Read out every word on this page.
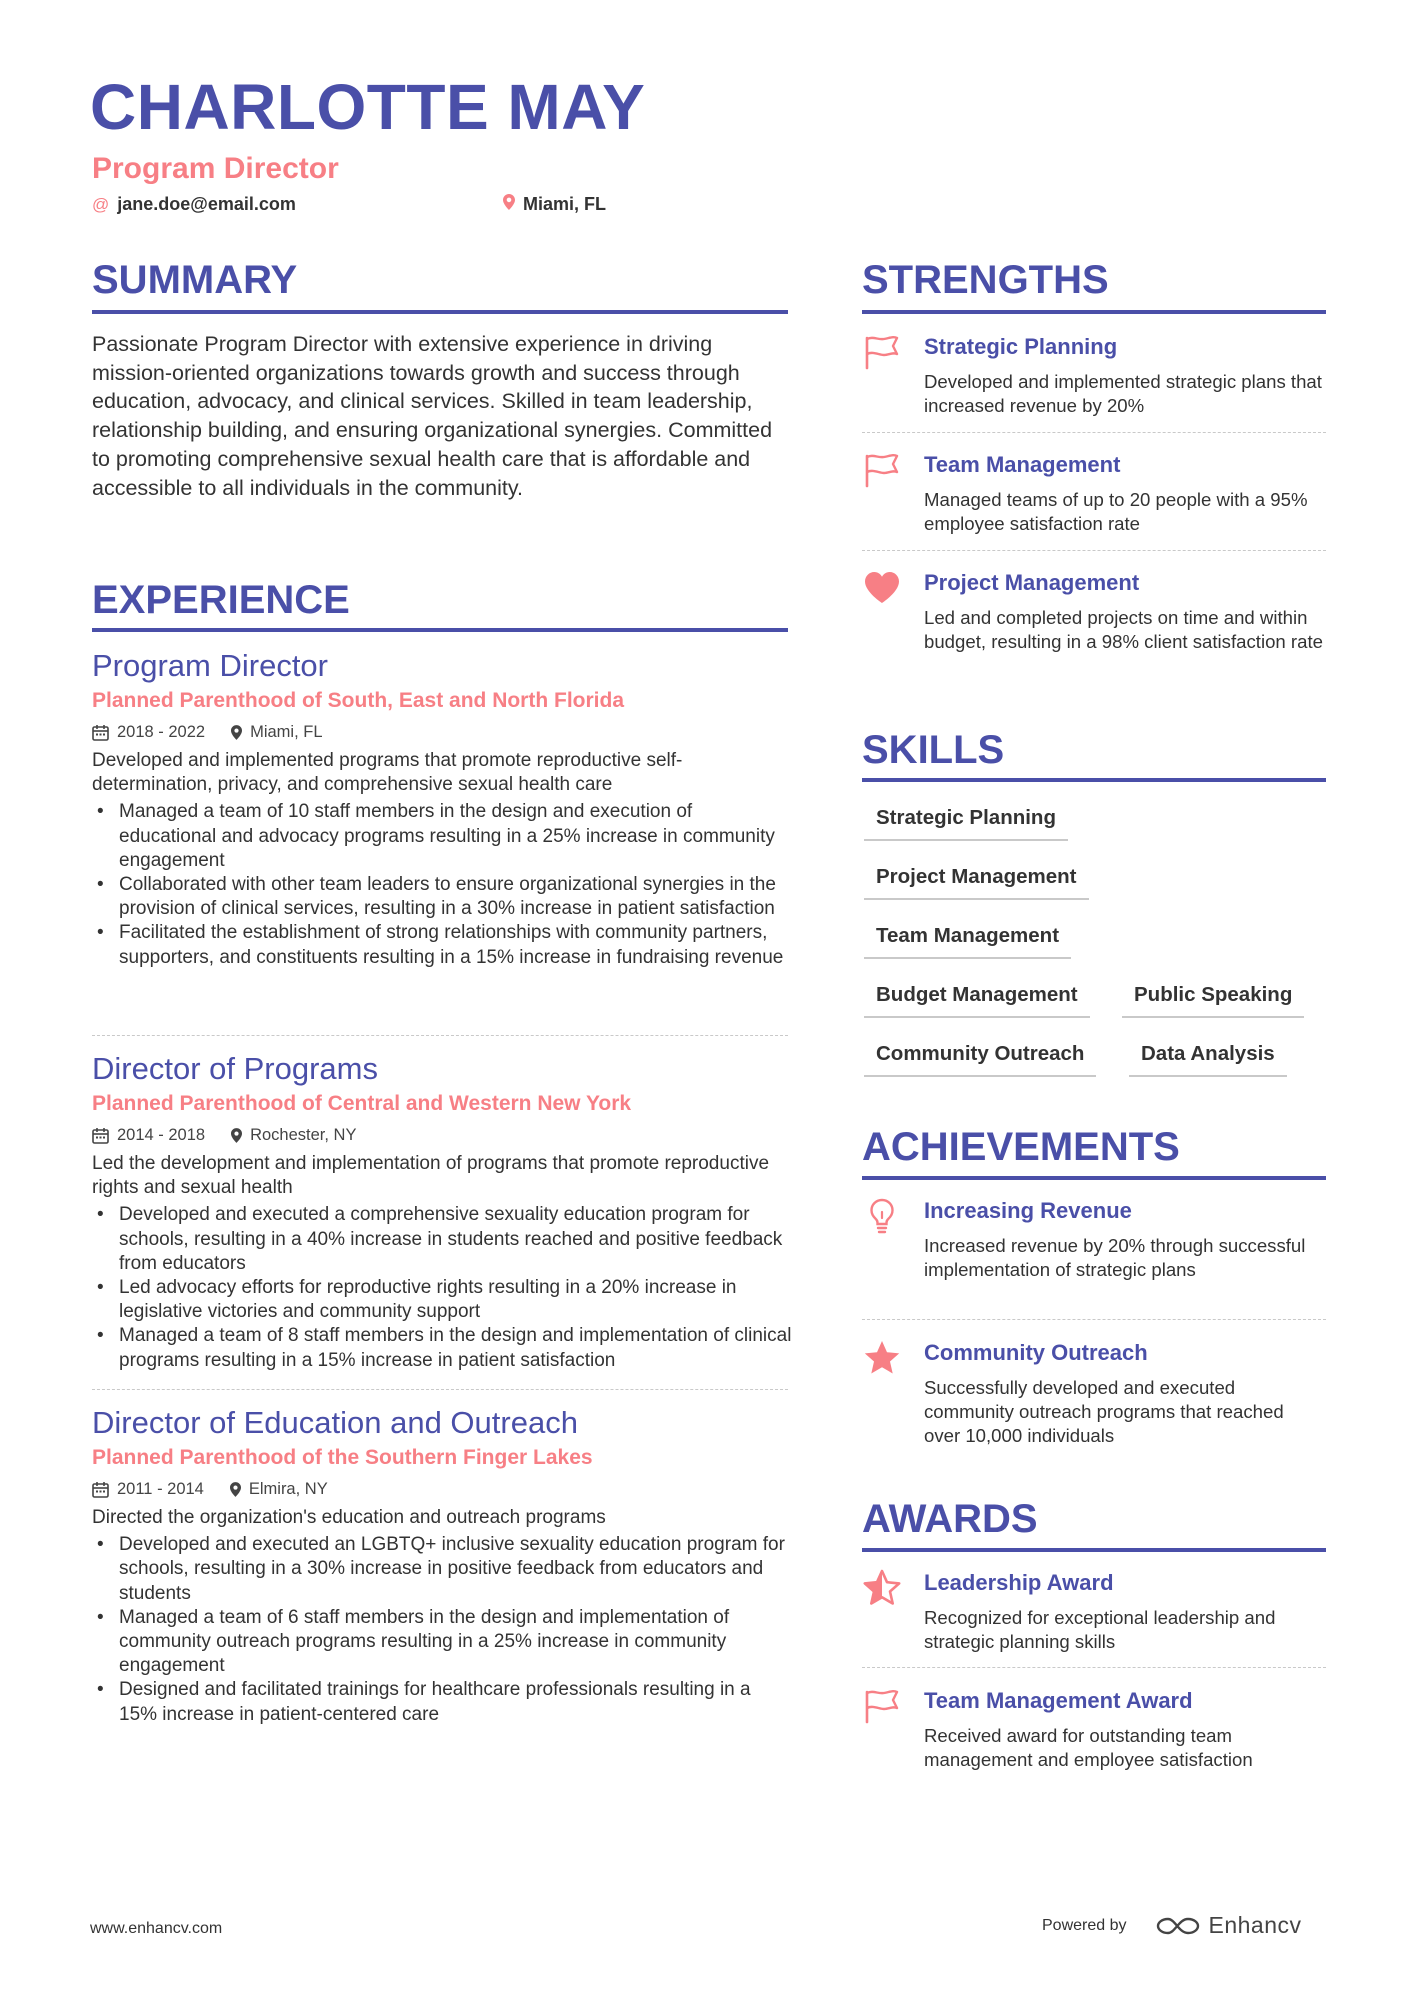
CHARLOTTE MAY
Program Director
@ jane.doe@email.com	Miami, FL
SUMMARY
Passionate Program Director with extensive experience in driving mission-oriented organizations towards growth and success through education, advocacy, and clinical services. Skilled in team leadership, relationship building, and ensuring organizational synergies. Committed to promoting comprehensive sexual health care that is affordable and accessible to all individuals in the community.
EXPERIENCE
Program Director
Planned Parenthood of South, East and North Florida
2018 - 2022	Miami, FL
Developed and implemented programs that promote reproductive self-determination, privacy, and comprehensive sexual health care
• Managed a team of 10 staff members in the design and execution of educational and advocacy programs resulting in a 25% increase in community engagement
• Collaborated with other team leaders to ensure organizational synergies in the provision of clinical services, resulting in a 30% increase in patient satisfaction
• Facilitated the establishment of strong relationships with community partners, supporters, and constituents resulting in a 15% increase in fundraising revenue
Director of Programs
Planned Parenthood of Central and Western New York
2014 - 2018	Rochester, NY
Led the development and implementation of programs that promote reproductive rights and sexual health
• Developed and executed a comprehensive sexuality education program for schools, resulting in a 40% increase in students reached and positive feedback from educators
• Led advocacy efforts for reproductive rights resulting in a 20% increase in legislative victories and community support
• Managed a team of 8 staff members in the design and implementation of clinical programs resulting in a 15% increase in patient satisfaction
Director of Education and Outreach
Planned Parenthood of the Southern Finger Lakes
2011 - 2014	Elmira, NY
Directed the organization's education and outreach programs
• Developed and executed an LGBTQ+ inclusive sexuality education program for schools, resulting in a 30% increase in positive feedback from educators and students
• Managed a team of 6 staff members in the design and implementation of community outreach programs resulting in a 25% increase in community engagement
• Designed and facilitated trainings for healthcare professionals resulting in a 15% increase in patient-centered care
STRENGTHS
Strategic Planning
Developed and implemented strategic plans that increased revenue by 20%
Team Management
Managed teams of up to 20 people with a 95% employee satisfaction rate
Project Management
Led and completed projects on time and within budget, resulting in a 98% client satisfaction rate
SKILLS
Strategic Planning
Project Management
Team Management
Budget Management	Public Speaking
Community Outreach	Data Analysis
ACHIEVEMENTS
Increasing Revenue
Increased revenue by 20% through successful implementation of strategic plans
Community Outreach
Successfully developed and executed community outreach programs that reached over 10,000 individuals
AWARDS
Leadership Award
Recognized for exceptional leadership and strategic planning skills
Team Management Award
Received award for outstanding team management and employee satisfaction
www.enhancv.com	Powered by	Enhancv
